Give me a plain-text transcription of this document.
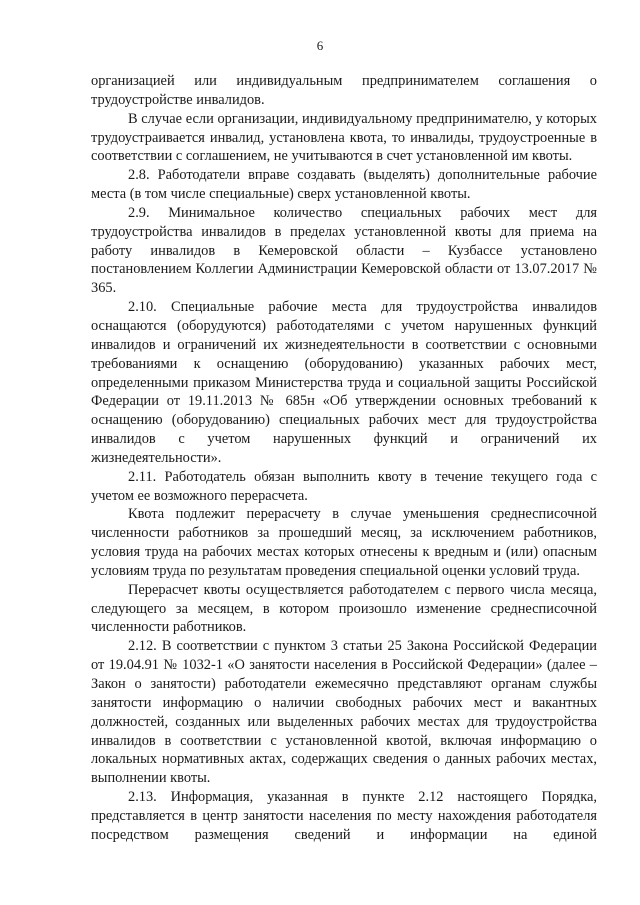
6

организацией или индивидуальным предпринимателем соглашения о трудоустройстве инвалидов.

В случае если организации, индивидуальному предпринимателю, у которых трудоустраивается инвалид, установлена квота, то инвалиды, трудоустроенные в соответствии с соглашением, не учитываются в счет установленной им квоты.

2.8. Работодатели вправе создавать (выделять) дополнительные рабочие места (в том числе специальные) сверх установленной квоты.

2.9. Минимальное количество специальных рабочих мест для трудоустройства инвалидов в пределах установленной квоты для приема на работу инвалидов в Кемеровской области – Кузбассе установлено постановлением Коллегии Администрации Кемеровской области от 13.07.2017 № 365.

2.10. Специальные рабочие места для трудоустройства инвалидов оснащаются (оборудуются) работодателями с учетом нарушенных функций инвалидов и ограничений их жизнедеятельности в соответствии с основными требованиями к оснащению (оборудованию) указанных рабочих мест, определенными приказом Министерства труда и социальной защиты Российской Федерации от 19.11.2013 № 685н «Об утверждении основных требований к оснащению (оборудованию) специальных рабочих мест для трудоустройства инвалидов с учетом нарушенных функций и ограничений их жизнедеятельности».

2.11. Работодатель обязан выполнить квоту в течение текущего года с учетом ее возможного перерасчета.

Квота подлежит перерасчету в случае уменьшения среднесписочной численности работников за прошедший месяц, за исключением работников, условия труда на рабочих местах которых отнесены к вредным и (или) опасным условиям труда по результатам проведения специальной оценки условий труда.

Перерасчет квоты осуществляется работодателем с первого числа месяца, следующего за месяцем, в котором произошло изменение среднесписочной численности работников.

2.12. В соответствии с пунктом 3 статьи 25 Закона Российской Федерации от 19.04.91 № 1032-1 «О занятости населения в Российской Федерации» (далее – Закон о занятости) работодатели ежемесячно представляют органам службы занятости информацию о наличии свободных рабочих мест и вакантных должностей, созданных или выделенных рабочих местах для трудоустройства инвалидов в соответствии с установленной квотой, включая информацию о локальных нормативных актах, содержащих сведения о данных рабочих местах, выполнении квоты.

2.13. Информация, указанная в пункте 2.12 настоящего Порядка, представляется в центр занятости населения по месту нахождения работодателя посредством размещения сведений и информации на единой
